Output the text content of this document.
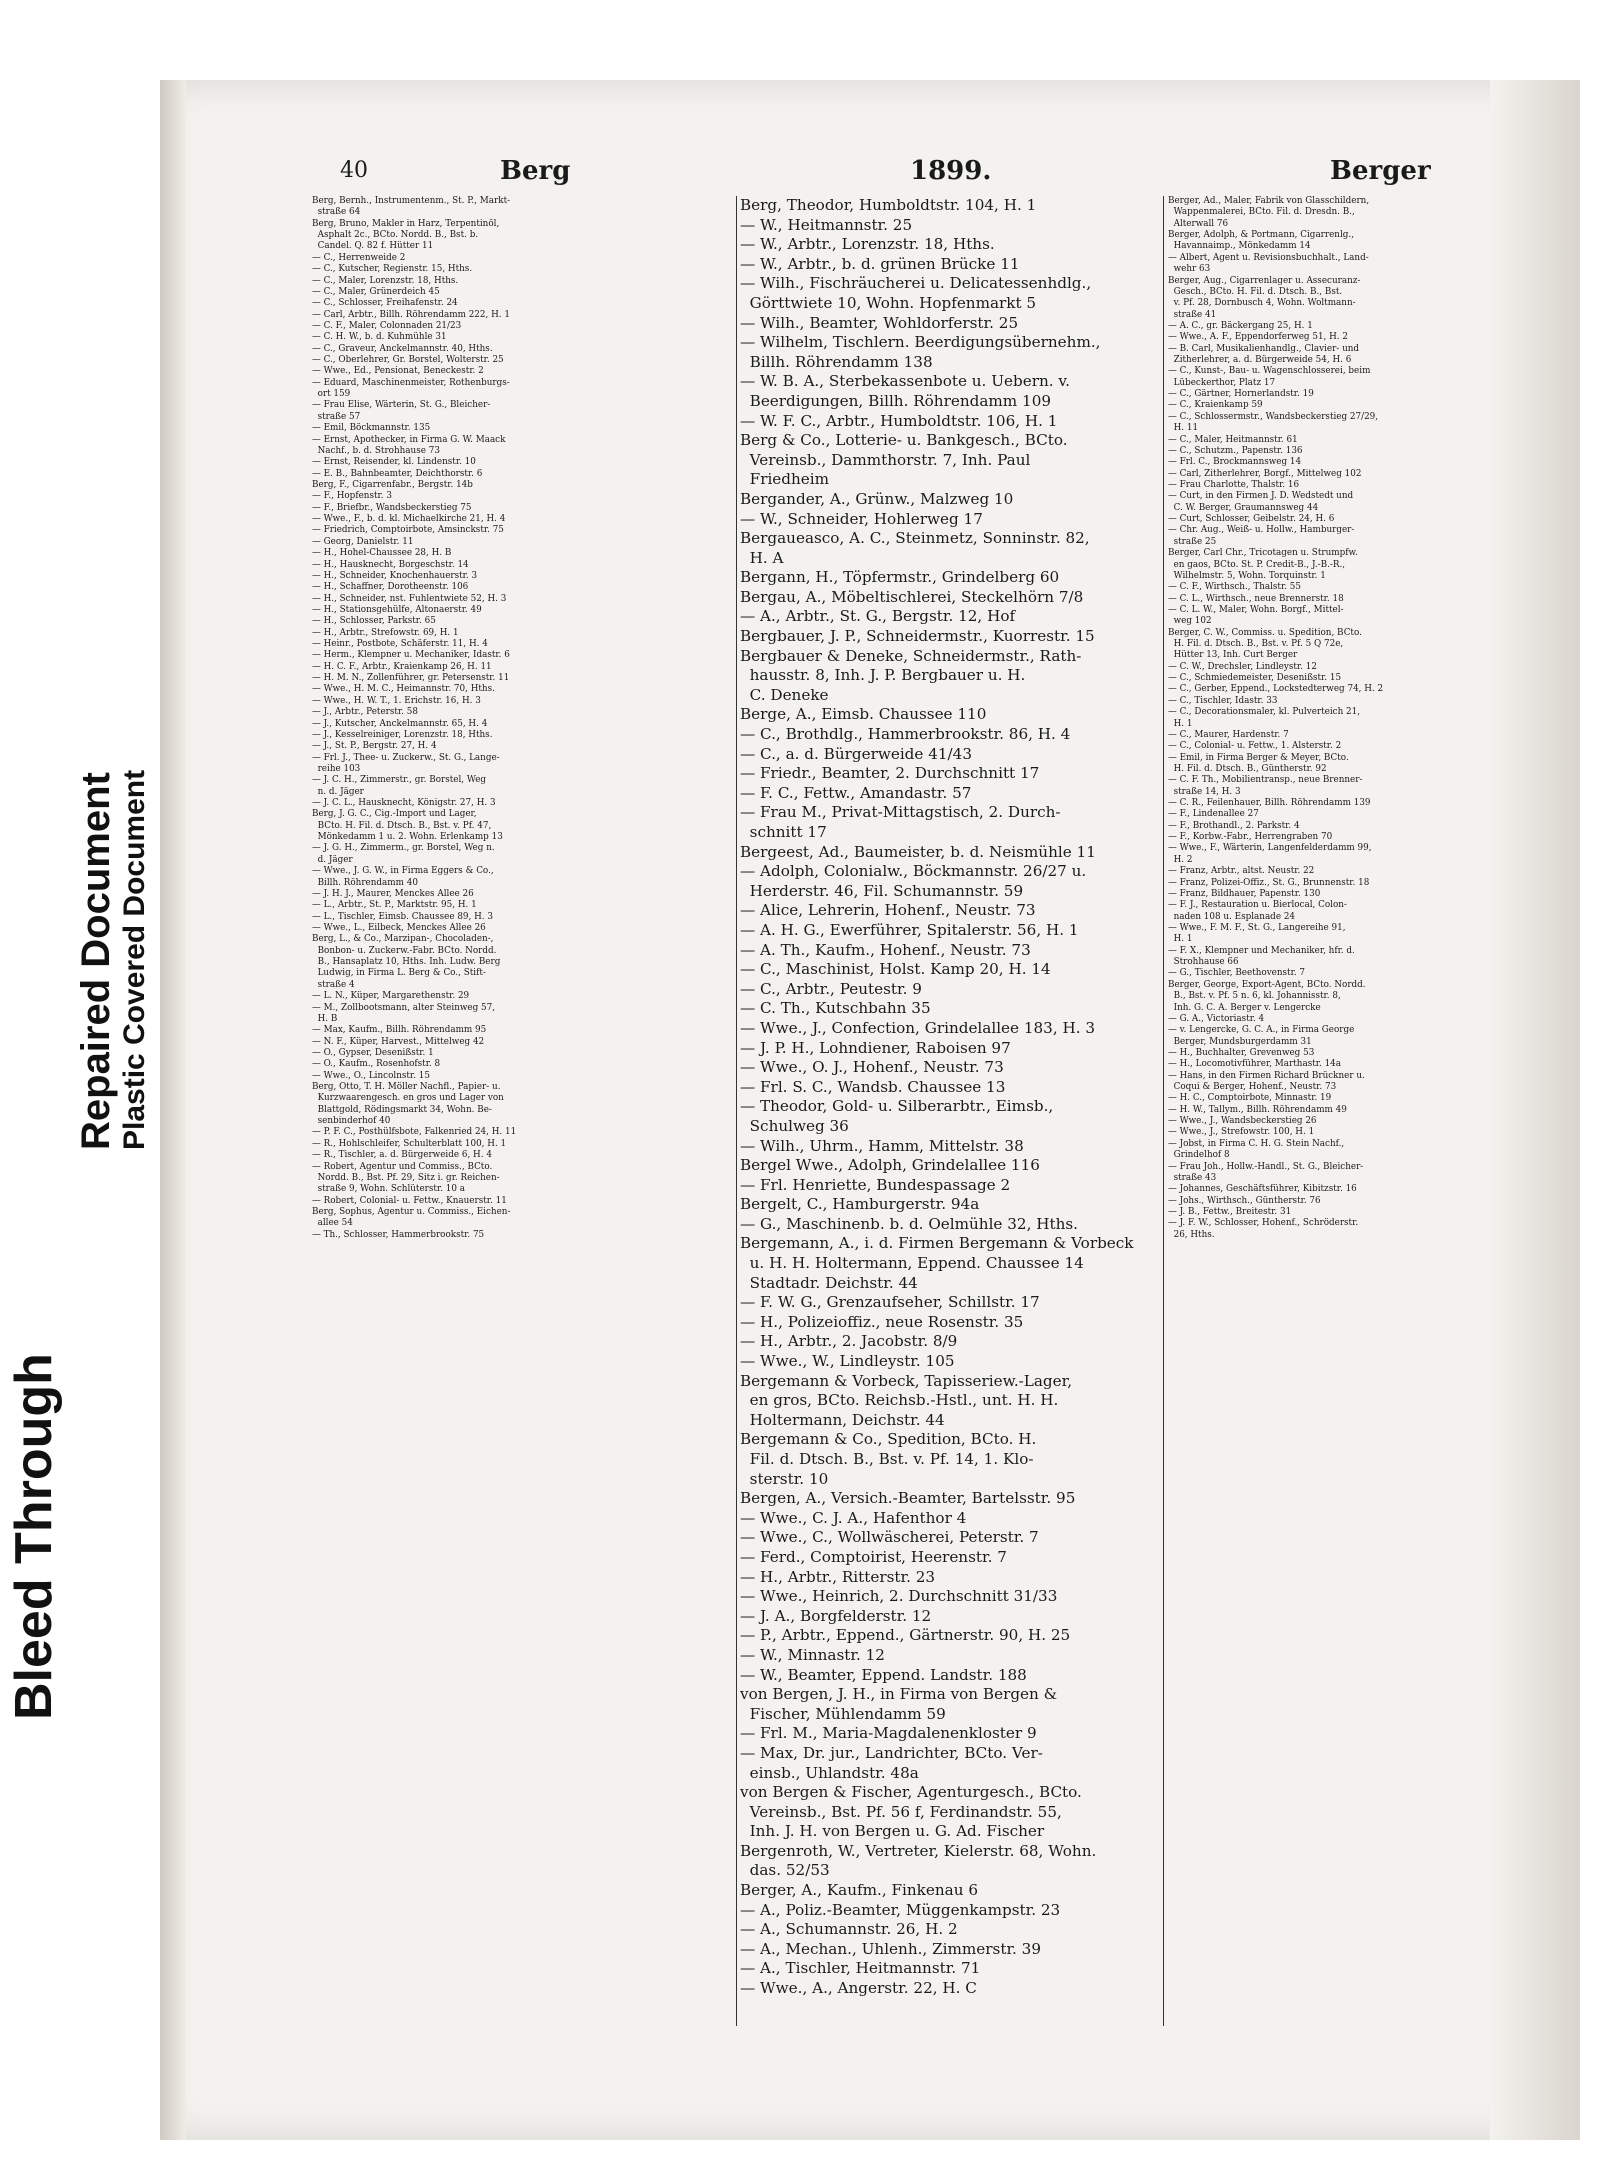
Bleed Through
Repaired Document Plastic Covered Document
40	Berg	1899.	Berger
Berg, Bernh., Instrumentenm., St. P., Markt-
straße 64
Berg, Bruno, Makler in Harz, Terpentinöl,
Asphalt 2c., BCto. Nordd. B., Bst. b.
Candel. Q. 82 f. Hütter 11
— C., Herrenweide 2
— C., Kutscher, Regienstr. 15, Hths.
— C., Maler, Lorenzstr. 18, Hths.
— C., Maler, Grünerdeich 45
— C., Schlosser, Freihafenstr. 24
— Carl, Arbtr., Billh. Röhrendamm 222, H. 1
— C. F., Maler, Colonnaden 21/23
— C. H. W., b. d. Kuhmühle 31
— C., Graveur, Anckelmannstr. 40, Hths.
— C., Oberlehrer, Gr. Borstel, Wolterstr. 25
— Wwe., Ed., Pensionat, Beneckestr. 2
— Eduard, Maschinenmeister, Rothenburgs-
ort 159
— Frau Elise, Wärterin, St. G., Bleicher-
straße 57
— Emil, Böckmannstr. 135
— Ernst, Apothecker, in Firma G. W. Maack
Nachf., b. d. Strohhause 73
— Ernst, Reisender, kl. Lindenstr. 10
— E. B., Bahnbeamter, Deichthorstr. 6
Berg, F., Cigarrenfabr., Bergstr. 14b
— F., Hopfenstr. 3
— F., Briefbr., Wandsbeckerstieg 75
— Wwe., F., b. d. kl. Michaelkirche 21, H. 4
— Friedrich, Comptoirbote, Amsinckstr. 75
— Georg, Danielstr. 11
— H., Hohel-Chaussee 28, H. B
— H., Hausknecht, Borgeschstr. 14
— H., Schneider, Knochenhauerstr. 3
— H., Schaffner, Dorotheenstr. 106
— H., Schneider, nst. Fuhlentwiete 52, H. 3
— H., Stationsgehülfe, Altonaerstr. 49
— H., Schlosser, Parkstr. 65
— H., Arbtr., Strefowstr. 69, H. 1
— Heinr., Postbote, Schäferstr. 11, H. 4
— Herm., Klempner u. Mechaniker, Idastr. 6
— H. C. F., Arbtr., Kraienkamp 26, H. 11
— H. M. N., Zollenführer, gr. Petersenstr. 11
— Wwe., H. M. C., Heimannstr. 70, Hths.
— Wwe., H. W. T., 1. Erichstr. 16, H. 3
— J., Arbtr., Peterstr. 58
— J., Kutscher, Anckelmannstr. 65, H. 4
— J., Kesselreiniger, Lorenzstr. 18, Hths.
— J., St. P., Bergstr. 27, H. 4
— Frl. J., Thee- u. Zuckerw., St. G., Lange-
reihe 103
— J. C. H., Zimmerstr., gr. Borstel, Weg
n. d. Jäger
— J. C. L., Hausknecht, Königstr. 27, H. 3
Berg, J. G. C., Cig.-Import und Lager,
BCto. H. Fil. d. Dtsch. B., Bst. v. Pf. 47,
Mönkedamm 1 u. 2. Wohn. Erlenkamp 13
— J. G. H., Zimmerm., gr. Borstel, Weg n.
d. Jäger
— Wwe., J. G. W., in Firma Eggers & Co.,
Billh. Röhrendamm 40
— J. H. J., Maurer, Menckes Allee 26
— L., Arbtr., St. P., Marktstr. 95, H. 1
— L., Tischler, Eimsb. Chaussee 89, H. 3
— Wwe., L., Eilbeck, Menckes Allee 26
Berg, L., & Co., Marzipan-, Chocoladen-,
Bonbon- u. Zuckerw.-Fabr. BCto. Nordd.
B., Hansaplatz 10, Hths. Inh. Ludw. Berg
Ludwig, in Firma L. Berg & Co., Stift-
straße 4
— L. N., Küper, Margarethenstr. 29
— M., Zollbootsmann, alter Steinweg 57,
H. B
— Max, Kaufm., Billh. Röhrendamm 95
— N. F., Küper, Harvest., Mittelweg 42
— O., Gypser, Desenißstr. 1
— O., Kaufm., Rosenhofstr. 8
— Wwe., O., Lincolnstr. 15
Berg, Otto, T. H. Möller Nachfl., Papier- u.
Kurzwaarengesch. en gros und Lager von
Blattgold, Rödingsmarkt 34, Wohn. Be-
senbinderhof 40
— P. F. C., Posthülfsbote, Falkenried 24, H. 11
— R., Hohlschleifer, Schulterblatt 100, H. 1
— R., Tischler, a. d. Bürgerweide 6, H. 4
— Robert, Agentur und Commiss., BCto.
Nordd. B., Bst. Pf. 29, Sitz i. gr. Reichen-
straße 9, Wohn. Schlüterstr. 10 a
— Robert, Colonial- u. Fettw., Knauerstr. 11
Berg, Sophus, Agentur u. Commiss., Eichen-
allee 54
— Th., Schlosser, Hammerbrookstr. 75
Berg, Theodor, Humboldtstr. 104, H. 1
— W., Heitmannstr. 25
— W., Arbtr., Lorenzstr. 18, Hths.
— W., Arbtr., b. d. grünen Brücke 11
— Wilh., Fischräucherei u. Delicatessenhdlg.,
Görttwiete 10, Wohn. Hopfenmarkt 5
— Wilh., Beamter, Wohldorferstr. 25
— Wilhelm, Tischlern. Beerdigungsübernehm.,
Billh. Röhrendamm 138
— W. B. A., Sterbekassenbote u. Uebern. v.
Beerdigungen, Billh. Röhrendamm 109
— W. F. C., Arbtr., Humboldtstr. 106, H. 1
Berg & Co., Lotterie- u. Bankgesch., BCto.
Vereinsb., Dammthorstr. 7, Inh. Paul
Friedheim
Bergander, A., Grünw., Malzweg 10
— W., Schneider, Hohlerweg 17
Bergaueasco, A. C., Steinmetz, Sonninstr. 82,
H. A
Bergann, H., Töpfermstr., Grindelberg 60
Bergau, A., Möbeltischlerei, Steckelhörn 7/8
— A., Arbtr., St. G., Bergstr. 12, Hof
Bergbauer, J. P., Schneidermstr., Kuorrestr. 15
Bergbauer & Deneke, Schneidermstr., Rath-
hausstr. 8, Inh. J. P. Bergbauer u. H.
C. Deneke
Berge, A., Eimsb. Chaussee 110
— C., Brothdlg., Hammerbrookstr. 86, H. 4
— C., a. d. Bürgerweide 41/43
— Friedr., Beamter, 2. Durchschnitt 17
— F. C., Fettw., Amandastr. 57
— Frau M., Privat-Mittagstisch, 2. Durch-
schnitt 17
Bergeest, Ad., Baumeister, b. d. Neismühle 11
— Adolph, Colonialw., Böckmannstr. 26/27 u.
Herderstr. 46, Fil. Schumannstr. 59
— Alice, Lehrerin, Hohenf., Neustr. 73
— A. H. G., Ewerführer, Spitalerstr. 56, H. 1
— A. Th., Kaufm., Hohenf., Neustr. 73
— C., Maschinist, Holst. Kamp 20, H. 14
— C., Arbtr., Peutestr. 9
— C. Th., Kutschbahn 35
— Wwe., J., Confection, Grindelallee 183, H. 3
— J. P. H., Lohndiener, Raboisen 97
— Wwe., O. J., Hohenf., Neustr. 73
— Frl. S. C., Wandsb. Chaussee 13
— Theodor, Gold- u. Silberarbtr., Eimsb.,
Schulweg 36
— Wilh., Uhrm., Hamm, Mittelstr. 38
Bergel Wwe., Adolph, Grindelallee 116
— Frl. Henriette, Bundespassage 2
Bergelt, C., Hamburgerstr. 94a
— G., Maschinenb. b. d. Oelmühle 32, Hths.
Bergemann, A., i. d. Firmen Bergemann & Vorbeck
u. H. H. Holtermann, Eppend. Chaussee 14
Stadtadr. Deichstr. 44
— F. W. G., Grenzaufseher, Schillstr. 17
— H., Polizeioffiz., neue Rosenstr. 35
— H., Arbtr., 2. Jacobstr. 8/9
— Wwe., W., Lindleystr. 105
Bergemann & Vorbeck, Tapisseriew.-Lager,
en gros, BCto. Reichsb.-Hstl., unt. H. H.
Holtermann, Deichstr. 44
Bergemann & Co., Spedition, BCto. H.
Fil. d. Dtsch. B., Bst. v. Pf. 14, 1. Klo-
sterstr. 10
Bergen, A., Versich.-Beamter, Bartelsstr. 95
— Wwe., C. J. A., Hafenthor 4
— Wwe., C., Wollwäscherei, Peterstr. 7
— Ferd., Comptoirist, Heerenstr. 7
— H., Arbtr., Ritterstr. 23
— Wwe., Heinrich, 2. Durchschnitt 31/33
— J. A., Borgfelderstr. 12
— P., Arbtr., Eppend., Gärtnerstr. 90, H. 25
— W., Minnastr. 12
— W., Beamter, Eppend. Landstr. 188
von Bergen, J. H., in Firma von Bergen &
Fischer, Mühlendamm 59
— Frl. M., Maria-Magdalenenkloster 9
— Max, Dr. jur., Landrichter, BCto. Ver-
einsb., Uhlandstr. 48a
von Bergen & Fischer, Agenturgesch., BCto.
Vereinsb., Bst. Pf. 56 f, Ferdinandstr. 55,
Inh. J. H. von Bergen u. G. Ad. Fischer
Bergenroth, W., Vertreter, Kielerstr. 68, Wohn.
das. 52/53
Berger, A., Kaufm., Finkenau 6
— A., Poliz.-Beamter, Müggenkampstr. 23
— A., Schumannstr. 26, H. 2
— A., Mechan., Uhlenh., Zimmerstr. 39
— A., Tischler, Heitmannstr. 71
— Wwe., A., Angerstr. 22, H. C
Berger, Ad., Maler, Fabrik von Glasschildern,
Wappenmalerei, BCto. Fil. d. Dresdn. B.,
Alterwall 76
Berger, Adolph, & Portmann, Cigarrenlg.,
Havannaimp., Mönkedamm 14
— Albert, Agent u. Revisionsbuchhalt., Land-
wehr 63
Berger, Aug., Cigarrenlager u. Assecuranz-
Gesch., BCto. H. Fil. d. Dtsch. B., Bst.
v. Pf. 28, Dornbusch 4, Wohn. Woltmann-
straße 41
— A. C., gr. Bäckergang 25, H. 1
— Wwe., A. F., Eppendorferweg 51, H. 2
— B. Carl, Musikalienhandlg., Clavier- und
Zitherlehrer, a. d. Bürgerweide 54, H. 6
— C., Kunst-, Bau- u. Wagenschlosserei, beim
Lübeckerthor, Platz 17
— C., Gärtner, Hornerlandstr. 19
— C., Kraienkamp 59
— C., Schlossermstr., Wandsbeckerstieg 27/29,
H. 11
— C., Maler, Heitmannstr. 61
— C., Schutzm., Papenstr. 136
— Frl. C., Brockmannsweg 14
— Carl, Zitherlehrer, Borgf., Mittelweg 102
— Frau Charlotte, Thalstr. 16
— Curt, in den Firmen J. D. Wedstedt und
C. W. Berger, Graumannsweg 44
— Curt, Schlosser, Geibelstr. 24, H. 6
— Chr. Aug., Weiß- u. Hollw., Hamburger-
straße 25
Berger, Carl Chr., Tricotagen u. Strumpfw.
en gaos, BCto. St. P. Credit-B., J.-B.-R.,
Wilhelmstr. 5, Wohn. Torquinstr. 1
— C. F., Wirthsch., Thalstr. 55
— C. L., Wirthsch., neue Brennerstr. 18
— C. L. W., Maler, Wohn. Borgf., Mittel-
weg 102
Berger, C. W., Commiss. u. Spedition, BCto.
H. Fil. d. Dtsch. B., Bst. v. Pf. 5 Q 72e,
Hütter 13, Inh. Curt Berger
— C. W., Drechsler, Lindleystr. 12
— C., Schmiedemeister, Desenißstr. 15
— C., Gerber, Eppend., Lockstedterweg 74, H. 2
— C., Tischler, Idastr. 33
— C., Decorationsmaler, kl. Pulverteich 21,
H. 1
— C., Maurer, Hardenstr. 7
— C., Colonial- u. Fettw., 1. Alsterstr. 2
— Emil, in Firma Berger & Meyer, BCto.
H. Fil. d. Dtsch. B., Güntherstr. 92
— C. F. Th., Mobilientransp., neue Brenner-
straße 14, H. 3
— C. R., Feilenhauer, Billh. Röhrendamm 139
— F., Lindenallee 27
— F., Brothandl., 2. Parkstr. 4
— F., Korbw.-Fabr., Herrengraben 70
— Wwe., F., Wärterin, Langenfelderdamm 99,
H. 2
— Franz, Arbtr., altst. Neustr. 22
— Franz, Polizei-Offiz., St. G., Brunnenstr. 18
— Franz, Bildhauer, Papenstr. 130
— F. J., Restauration u. Bierlocal, Colon-
naden 108 u. Esplanade 24
— Wwe., F. M. F., St. G., Langereihe 91,
H. 1
— F. X., Klempner und Mechaniker, hfr. d.
Strohhause 66
— G., Tischler, Beethovenstr. 7
Berger, George, Export-Agent, BCto. Nordd.
B., Bst. v. Pf. 5 n. 6, kl. Johannisstr. 8,
Inh. G. C. A. Berger v. Lengercke
— G. A., Victoriastr. 4
— v. Lengercke, G. C. A., in Firma George
Berger, Mundsburgerdamm 31
— H., Buchhalter, Grevenweg 53
— H., Locomotivführer, Marthastr. 14a
— Hans, in den Firmen Richard Brückner u.
Coqui & Berger, Hohenf., Neustr. 73
— H. C., Comptoirbote, Minnastr. 19
— H. W., Tallym., Billh. Röhrendamm 49
— Wwe., J., Wandsbeckerstieg 26
— Wwe., J., Strefowstr. 100, H. 1
— Jobst, in Firma C. H. G. Stein Nachf.,
Grindelhof 8
— Frau Joh., Hollw.-Handl., St. G., Bleicher-
straße 43
— Johannes, Geschäftsführer, Kibitzstr. 16
— Johs., Wirthsch., Güntherstr. 76
— J. B., Fettw., Breitestr. 31
— J. F. W., Schlosser, Hohenf., Schröderstr.
26, Hths.
